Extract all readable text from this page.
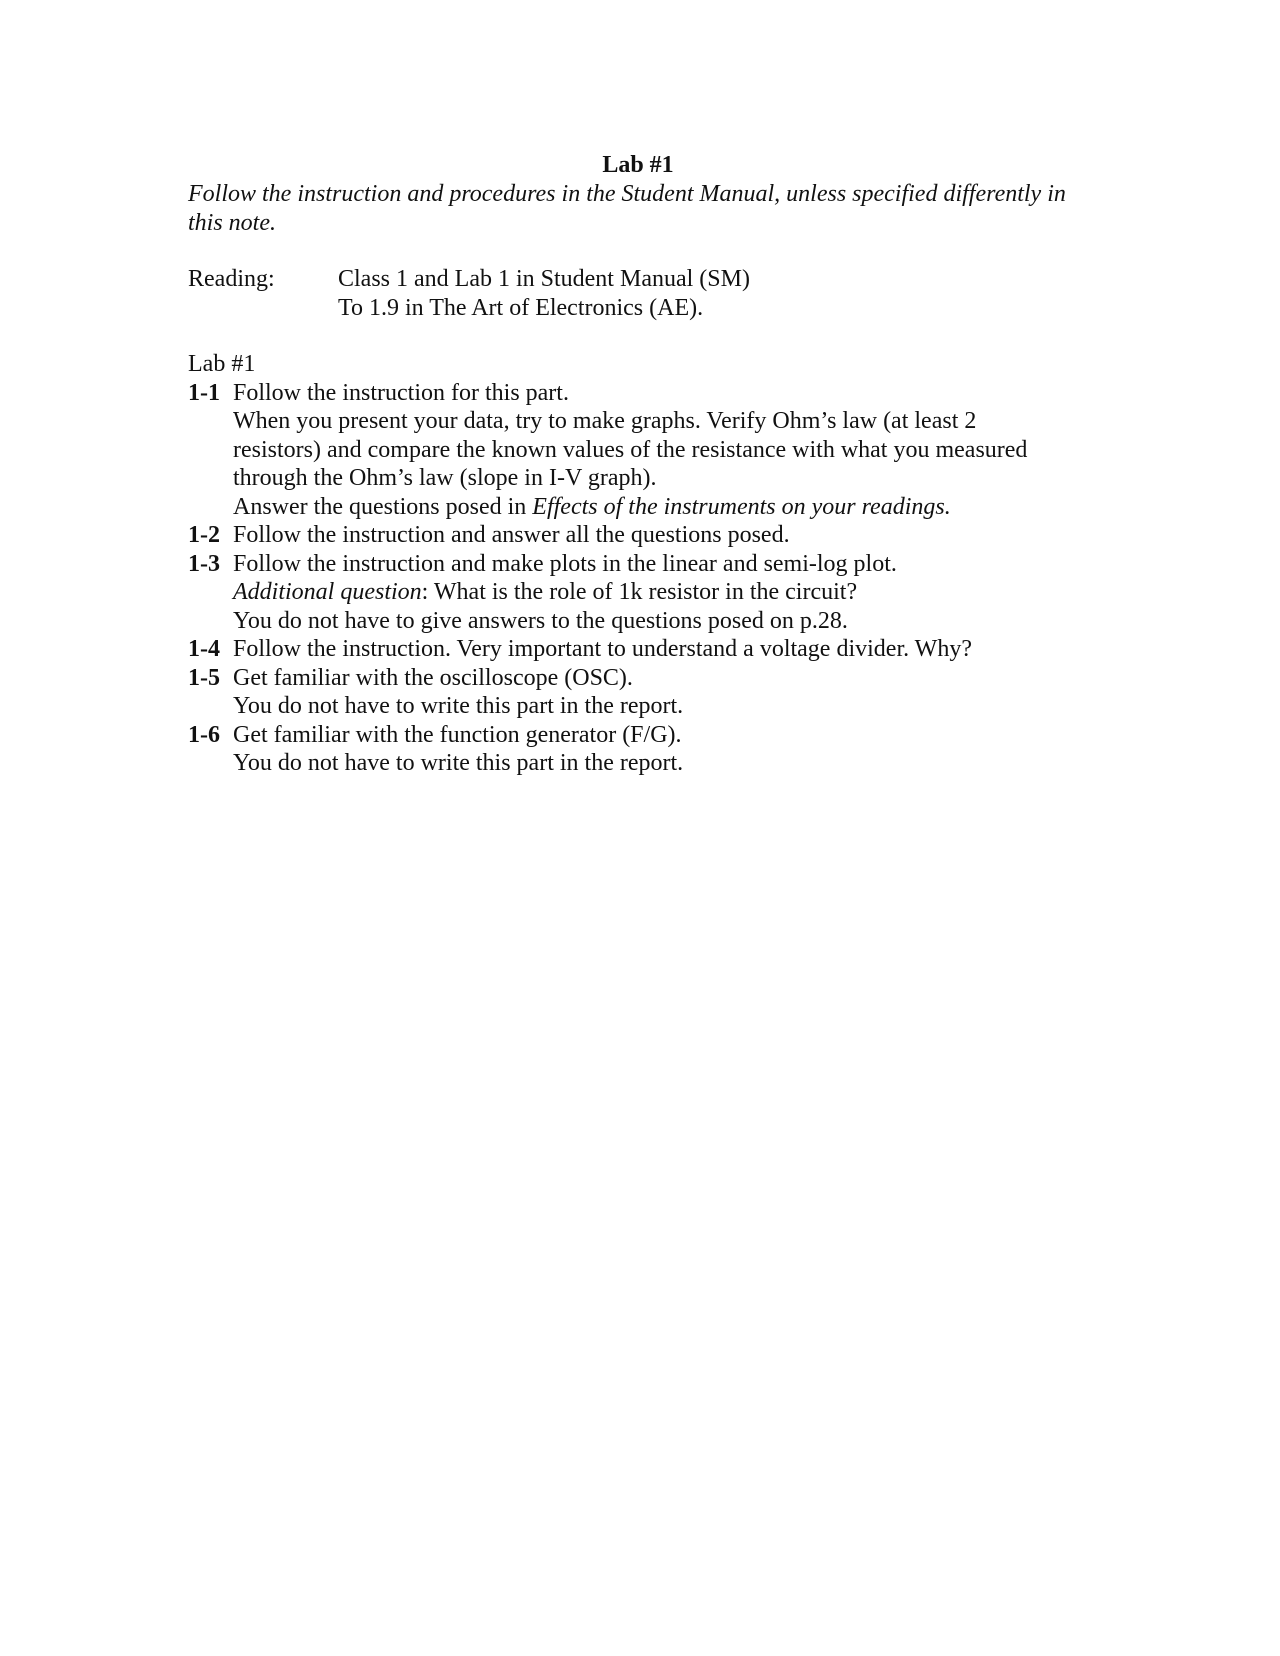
Lab #1
Follow the instruction and procedures in the Student Manual, unless specified differently in this note.
Reading:	Class 1 and Lab 1 in Student Manual (SM)
To 1.9 in The Art of Electronics (AE).
Lab #1
1-1 Follow the instruction for this part.
When you present your data, try to make graphs. Verify Ohm’s law (at least 2
resistors) and compare the known values of the resistance with what you measured
through the Ohm’s law (slope in I-V graph).
Answer the questions posed in Effects of the instruments on your readings.
1-2 Follow the instruction and answer all the questions posed.
1-3 Follow the instruction and make plots in the linear and semi-log plot.
Additional question: What is the role of 1k resistor in the circuit?
You do not have to give answers to the questions posed on p.28.
1-4 Follow the instruction. Very important to understand a voltage divider. Why?
1-5 Get familiar with the oscilloscope (OSC).
You do not have to write this part in the report.
1-6 Get familiar with the function generator (F/G).
You do not have to write this part in the report.
